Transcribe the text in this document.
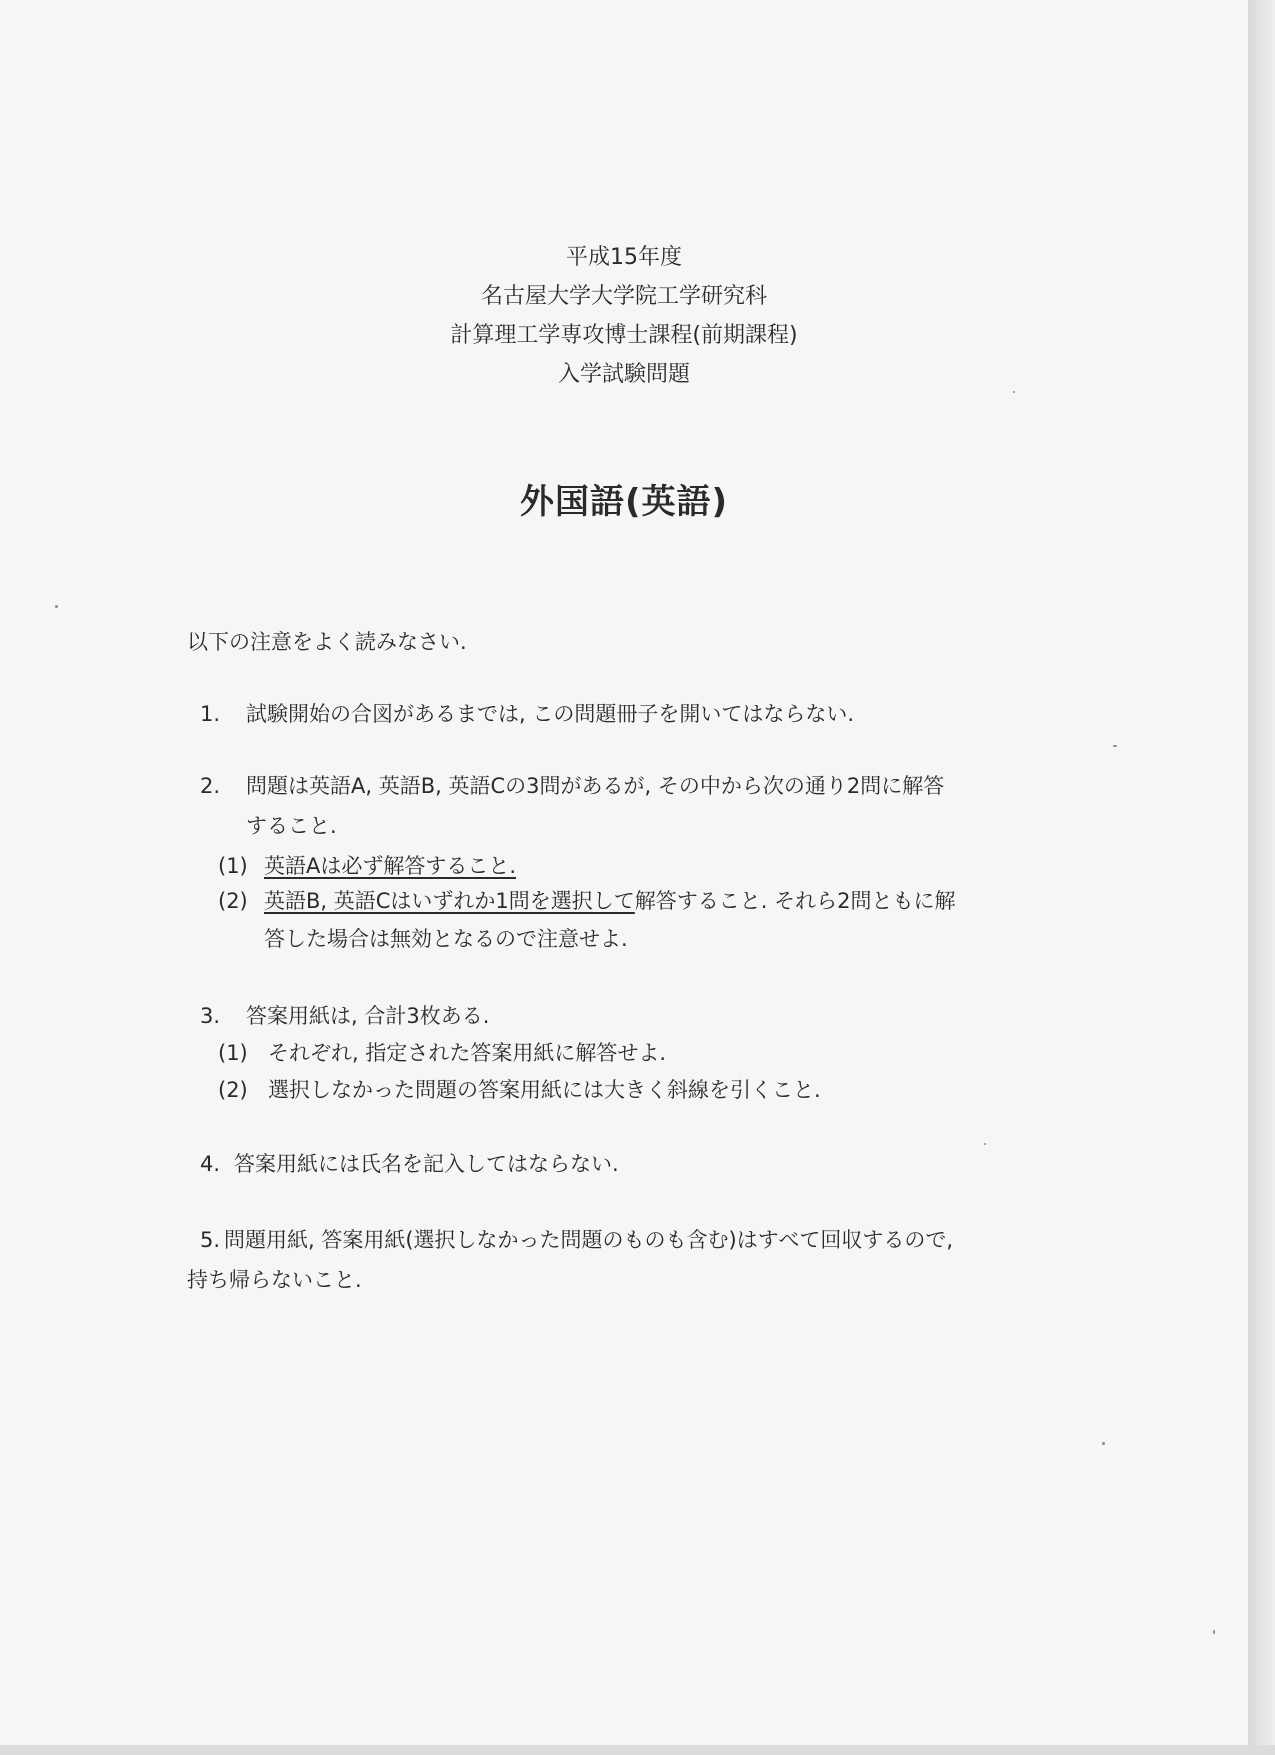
平成15年度
名古屋大学大学院工学研究科
計算理工学専攻博士課程(前期課程)
入学試験問題
外国語(英語)
以下の注意をよく読みなさい.
1. 試験開始の合図があるまでは, この問題冊子を開いてはならない.
2. 問題は英語A, 英語B, 英語Cの3問があるが, その中から次の通り2問に解答
すること.
(1) 英語Aは必ず解答すること.
(2) 英語B, 英語Cはいずれか1問を選択して解答すること. それら2問ともに解
答した場合は無効となるので注意せよ.
3. 答案用紙は, 合計3枚ある.
(1) それぞれ, 指定された答案用紙に解答せよ.
(2) 選択しなかった問題の答案用紙には大きく斜線を引くこと.
4. 答案用紙には氏名を記入してはならない.
5. 問題用紙, 答案用紙(選択しなかった問題のものも含む)はすべて回収するので,
持ち帰らないこと.
